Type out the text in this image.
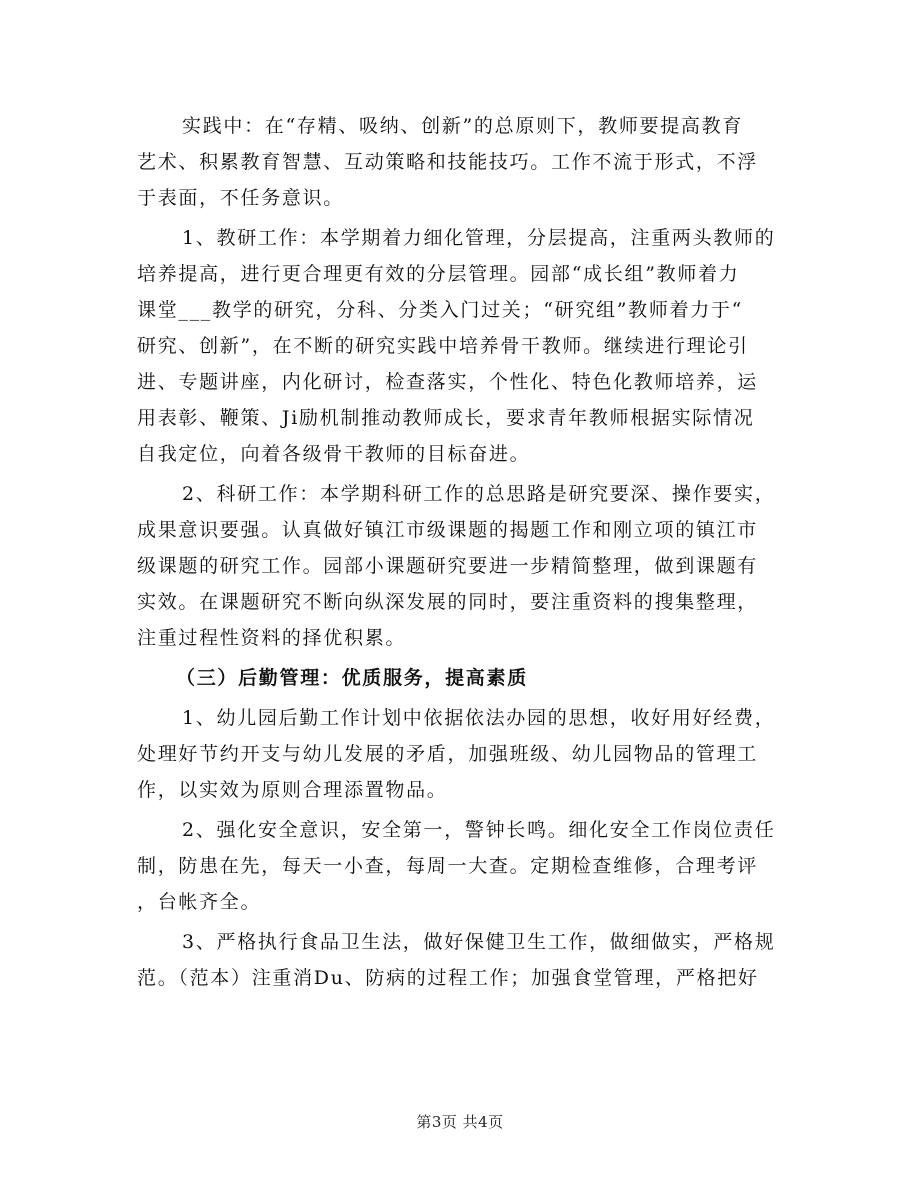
实践中：在“存精、吸纳、创新”的总原则下，教师要提高教育
艺术、积累教育智慧、互动策略和技能技巧。工作不流于形式，不浮
于表面，不任务意识。
1、教研工作：本学期着力细化管理，分层提高，注重两头教师的
培养提高，进行更合理更有效的分层管理。园部“成长组”教师着力
课堂___教学的研究，分科、分类入门过关；“研究组”教师着力于“
研究、创新”，在不断的研究实践中培养骨干教师。继续进行理论引
进、专题讲座，内化研讨，检查落实，个性化、特色化教师培养，运
用表彰、鞭策、Ji励机制推动教师成长，要求青年教师根据实际情况
自我定位，向着各级骨干教师的目标奋进。
2、科研工作：本学期科研工作的总思路是研究要深、操作要实，
成果意识要强。认真做好镇江市级课题的揭题工作和刚立项的镇江市
级课题的研究工作。园部小课题研究要进一步精简整理，做到课题有
实效。在课题研究不断向纵深发展的同时，要注重资料的搜集整理，
注重过程性资料的择优积累。
（三）后勤管理：优质服务，提高素质
1、幼儿园后勤工作计划中依据依法办园的思想，收好用好经费，
处理好节约开支与幼儿发展的矛盾，加强班级、幼儿园物品的管理工
作，以实效为原则合理添置物品。
2、强化安全意识，安全第一，警钟长鸣。细化安全工作岗位责任
制，防患在先，每天一小查，每周一大查。定期检查维修，合理考评
，台帐齐全。
3、严格执行食品卫生法，做好保健卫生工作，做细做实，严格规
范。（范本）注重消Du、防病的过程工作；加强食堂管理，严格把好
第3页 共4页
